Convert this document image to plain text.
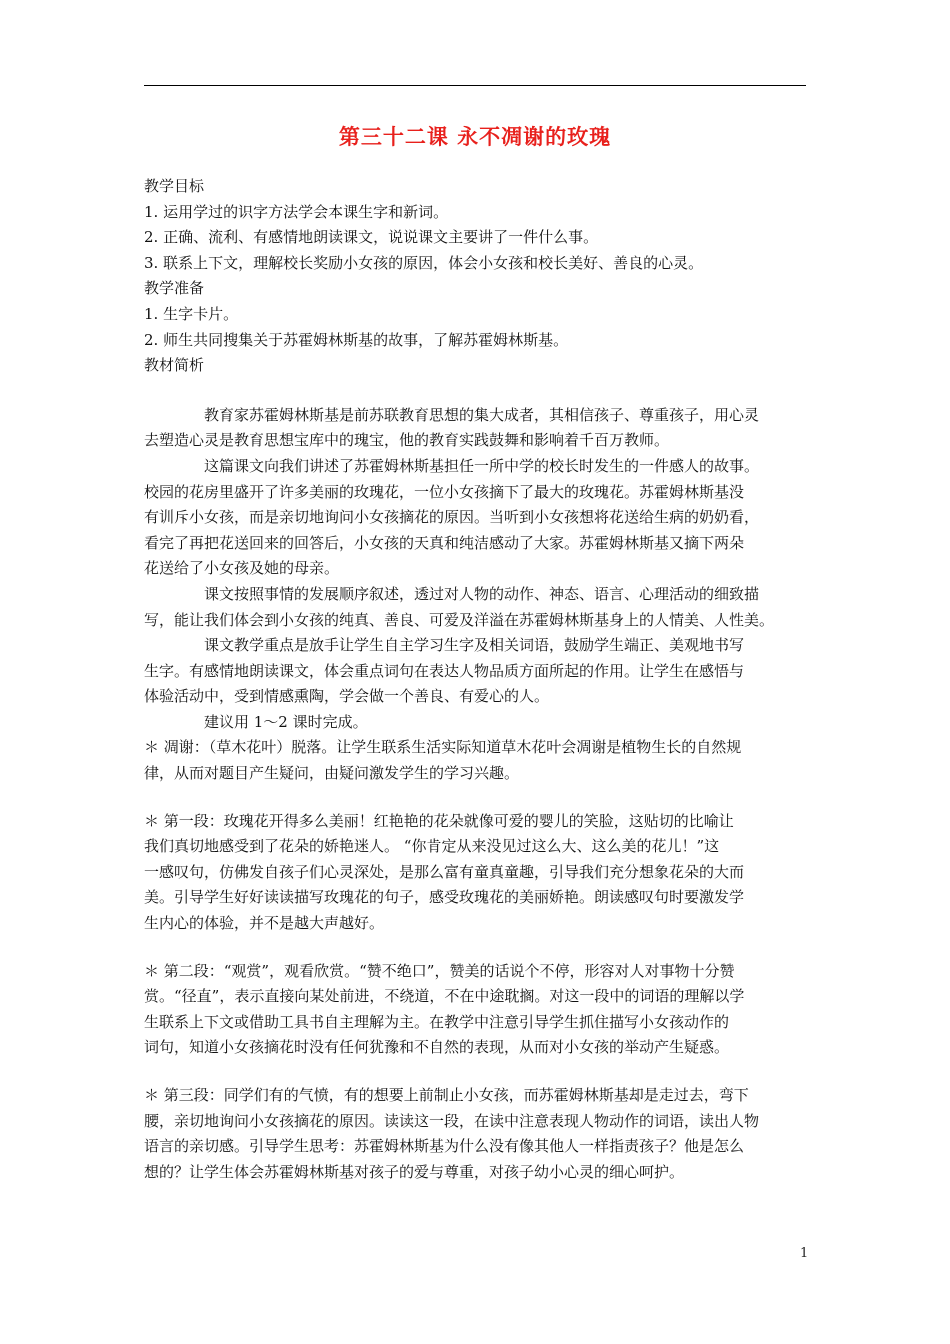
第三十二课 永不凋谢的玫瑰

教学目标

1. 运用学过的识字方法学会本课生字和新词。

2. 正确、流利、有感情地朗读课文，说说课文主要讲了一件什么事。

3. 联系上下文，理解校长奖励小女孩的原因，体会小女孩和校长美好、善良的心灵。

教学准备

1. 生字卡片。

2. 师生共同搜集关于苏霍姆林斯基的故事，了解苏霍姆林斯基。

教材简析

教育家苏霍姆林斯基是前苏联教育思想的集大成者，其相信孩子、尊重孩子，用心灵

去塑造心灵是教育思想宝库中的瑰宝，他的教育实践鼓舞和影响着千百万教师。

这篇课文向我们讲述了苏霍姆林斯基担任一所中学的校长时发生的一件感人的故事。

校园的花房里盛开了许多美丽的玫瑰花，一位小女孩摘下了最大的玫瑰花。苏霍姆林斯基没

有训斥小女孩，而是亲切地询问小女孩摘花的原因。当听到小女孩想将花送给生病的奶奶看，

看完了再把花送回来的回答后，小女孩的天真和纯洁感动了大家。苏霍姆林斯基又摘下两朵

花送给了小女孩及她的母亲。

课文按照事情的发展顺序叙述，透过对人物的动作、神态、语言、心理活动的细致描

写，能让我们体会到小女孩的纯真、善良、可爱及洋溢在苏霍姆林斯基身上的人情美、人性美。

课文教学重点是放手让学生自主学习生字及相关词语，鼓励学生端正、美观地书写

生字。有感情地朗读课文，体会重点词句在表达人物品质方面所起的作用。让学生在感悟与

体验活动中，受到情感熏陶，学会做一个善良、有爱心的人。

建议用 1～2 课时完成。

＊ 凋谢：（草木花叶）脱落。让学生联系生活实际知道草木花叶会凋谢是植物生长的自然规

律，从而对题目产生疑问，由疑问激发学生的学习兴趣。

＊ 第一段：玫瑰花开得多么美丽！红艳艳的花朵就像可爱的婴儿的笑脸，这贴切的比喻让

我们真切地感受到了花朵的娇艳迷人。 “你肯定从来没见过这么大、这么美的花儿！”这

一感叹句，仿佛发自孩子们心灵深处，是那么富有童真童趣，引导我们充分想象花朵的大而

美。引导学生好好读读描写玫瑰花的句子，感受玫瑰花的美丽娇艳。朗读感叹句时要激发学

生内心的体验，并不是越大声越好。

＊ 第二段：“观赏”，观看欣赏。“赞不绝口”，赞美的话说个不停，形容对人对事物十分赞

赏。“径直”，表示直接向某处前进，不绕道，不在中途耽搁。对这一段中的词语的理解以学

生联系上下文或借助工具书自主理解为主。在教学中注意引导学生抓住描写小女孩动作的

词句，知道小女孩摘花时没有任何犹豫和不自然的表现，从而对小女孩的举动产生疑惑。

＊ 第三段：同学们有的气愤，有的想要上前制止小女孩，而苏霍姆林斯基却是走过去，弯下

腰，亲切地询问小女孩摘花的原因。读读这一段，在读中注意表现人物动作的词语，读出人物

语言的亲切感。引导学生思考：苏霍姆林斯基为什么没有像其他人一样指责孩子？他是怎么

想的？让学生体会苏霍姆林斯基对孩子的爱与尊重，对孩子幼小心灵的细心呵护。

1
